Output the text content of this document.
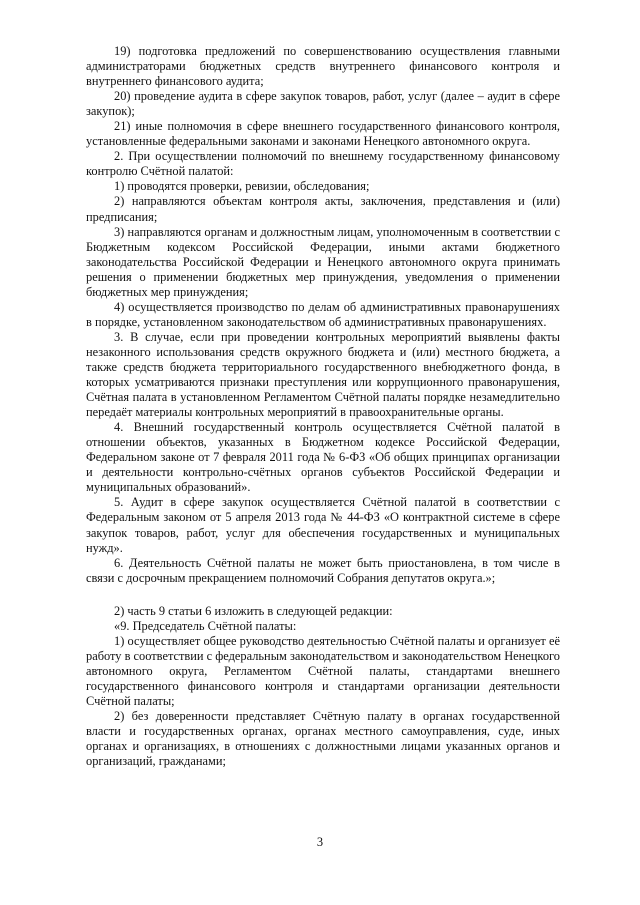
19) подготовка предложений по совершенствованию осуществления главными администраторами бюджетных средств внутреннего финансового контроля и внутреннего финансового аудита;

20) проведение аудита в сфере закупок товаров, работ, услуг (далее – аудит в сфере закупок);

21) иные полномочия в сфере внешнего государственного финансового контроля, установленные федеральными законами и законами Ненецкого автономного округа.

2. При осуществлении полномочий по внешнему государственному финансовому контролю Счётной палатой:

1) проводятся проверки, ревизии, обследования;

2) направляются объектам контроля акты, заключения, представления и (или) предписания;

3) направляются органам и должностным лицам, уполномоченным в соответствии с Бюджетным кодексом Российской Федерации, иными актами бюджетного законодательства Российской Федерации и Ненецкого автономного округа принимать решения о применении бюджетных мер принуждения, уведомления о применении бюджетных мер принуждения;

4) осуществляется производство по делам об административных правонарушениях в порядке, установленном законодательством об административных правонарушениях.

3. В случае, если при проведении контрольных мероприятий выявлены факты незаконного использования средств окружного бюджета и (или) местного бюджета, а также средств бюджета территориального государственного внебюджетного фонда, в которых усматриваются признаки преступления или коррупционного правонарушения, Счётная палата в установленном Регламентом Счётной палаты порядке незамедлительно передаёт материалы контрольных мероприятий в правоохранительные органы.

4. Внешний государственный контроль осуществляется Счётной палатой в отношении объектов, указанных в Бюджетном кодексе Российской Федерации, Федеральном законе от 7 февраля 2011 года № 6-ФЗ «Об общих принципах организации и деятельности контрольно-счётных органов субъектов Российской Федерации и муниципальных образований».

5. Аудит в сфере закупок осуществляется Счётной палатой в соответствии с Федеральным законом от 5 апреля 2013 года № 44-ФЗ «О контрактной системе в сфере закупок товаров, работ, услуг для обеспечения государственных и муниципальных нужд».

6. Деятельность Счётной палаты не может быть приостановлена, в том числе в связи с досрочным прекращением полномочий Собрания депутатов округа.»;

2) часть 9 статьи 6 изложить в следующей редакции:

«9. Председатель Счётной палаты:

1) осуществляет общее руководство деятельностью Счётной палаты и организует её работу в соответствии с федеральным законодательством и законодательством Ненецкого автономного округа, Регламентом Счётной палаты, стандартами внешнего государственного финансового контроля и стандартами организации деятельности Счётной палаты;

2) без доверенности представляет Счётную палату в органах государственной власти и государственных органах, органах местного самоуправления, суде, иных органах и организациях, в отношениях с должностными лицами указанных органов и организаций, гражданами;

3
